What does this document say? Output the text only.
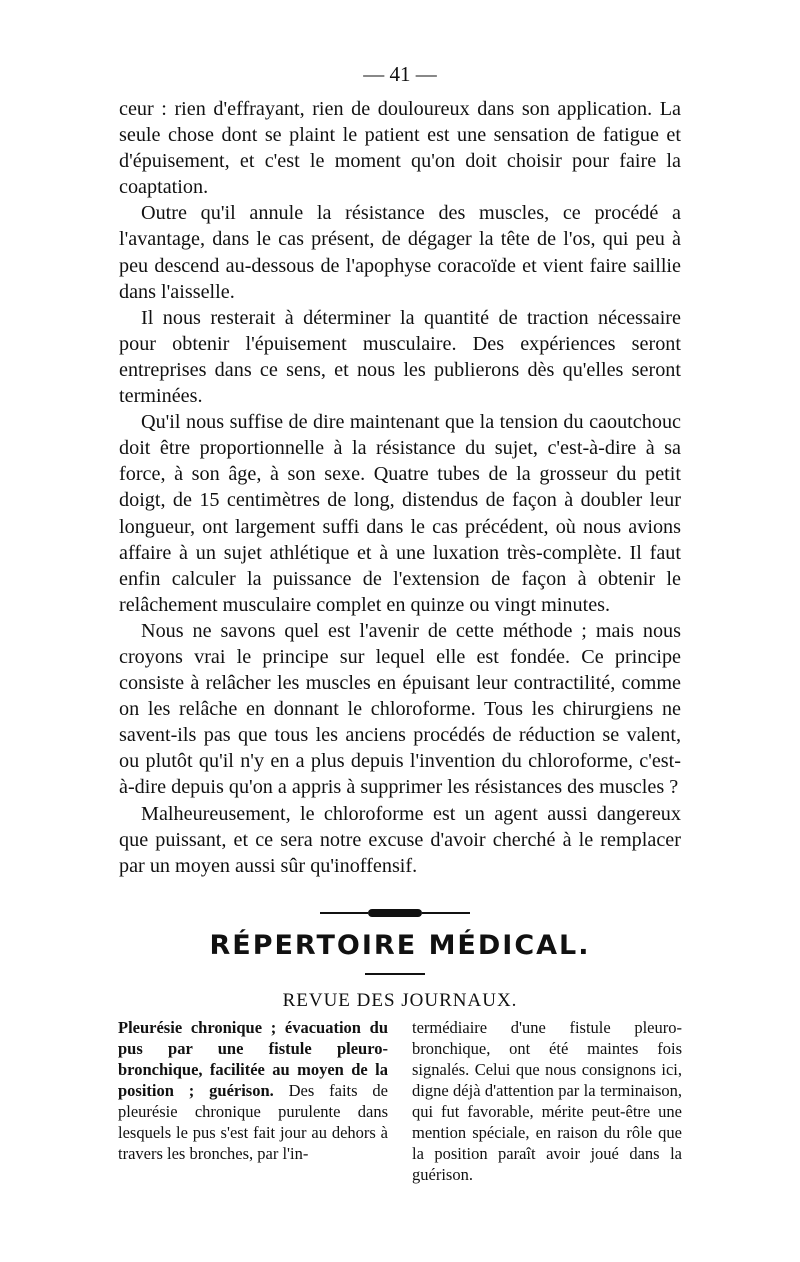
— 41 —

ceur : rien d'effrayant, rien de douloureux dans son application. La seule chose dont se plaint le patient est une sensation de fatigue et d'épuisement, et c'est le moment qu'on doit choisir pour faire la coaptation.

Outre qu'il annule la résistance des muscles, ce procédé a l'avantage, dans le cas présent, de dégager la tête de l'os, qui peu à peu descend au-dessous de l'apophyse coracoïde et vient faire saillie dans l'aisselle.

Il nous resterait à déterminer la quantité de traction nécessaire pour obtenir l'épuisement musculaire. Des expériences seront entreprises dans ce sens, et nous les publierons dès qu'elles seront terminées.

Qu'il nous suffise de dire maintenant que la tension du caoutchouc doit être proportionnelle à la résistance du sujet, c'est-à-dire à sa force, à son âge, à son sexe. Quatre tubes de la grosseur du petit doigt, de 15 centimètres de long, distendus de façon à doubler leur longueur, ont largement suffi dans le cas précédent, où nous avions affaire à un sujet athlétique et à une luxation très-complète. Il faut enfin calculer la puissance de l'extension de façon à obtenir le relâchement musculaire complet en quinze ou vingt minutes.

Nous ne savons quel est l'avenir de cette méthode ; mais nous croyons vrai le principe sur lequel elle est fondée. Ce principe consiste à relâcher les muscles en épuisant leur contractilité, comme on les relâche en donnant le chloroforme. Tous les chirurgiens ne savent-ils pas que tous les anciens procédés de réduction se valent, ou plutôt qu'il n'y en a plus depuis l'invention du chloroforme, c'est-à-dire depuis qu'on a appris à supprimer les résistances des muscles ?

Malheureusement, le chloroforme est un agent aussi dangereux que puissant, et ce sera notre excuse d'avoir cherché à le remplacer par un moyen aussi sûr qu'inoffensif.

RÉPERTOIRE MÉDICAL.
REVUE DES JOURNAUX.

Pleurésie chronique ; évacuation du pus par une fistule pleuro-bronchique, facilitée au moyen de la position ; guérison. Des faits de pleurésie chronique purulente dans lesquels le pus s'est fait jour au dehors à travers les bronches, par l'in-

termédiaire d'une fistule pleuro-bronchique, ont été maintes fois signalés. Celui que nous consignons ici, digne déjà d'attention par la terminaison, qui fut favorable, mérite peut-être une mention spéciale, en raison du rôle que la position paraît avoir joué dans la guérison.
